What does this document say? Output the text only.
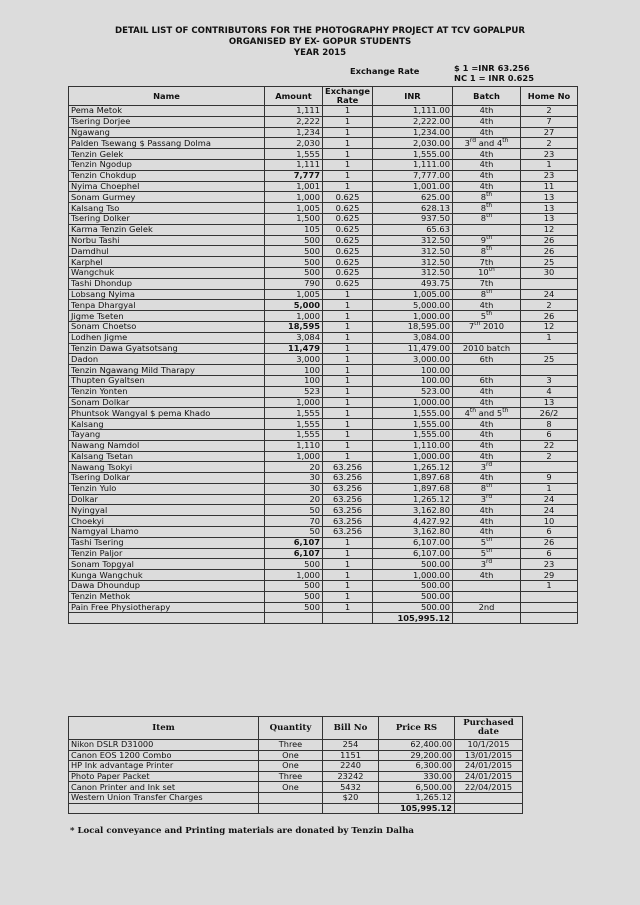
DETAIL LIST OF CONTRIBUTORS FOR THE PHOTOGRAPHY PROJECT AT TCV GOPALPUR
ORGANISED BY EX- GOPUR STUDENTS
YEAR 2015
Exchange Rate	$ 1 =INR 63.256
NC 1 = INR 0.625
Name	Amount	Exchange Rate	INR	Batch	Home No
Pema Metok	1,111	1	1,111.00	4th	2
Tsering Dorjee	2,222	1	2,222.00	4th	7
Ngawang	1,234	1	1,234.00	4th	27
Palden Tsewang $ Passang Dolma	2,030	1	2,030.00	3rd and 4th	2
Tenzin Gelek	1,555	1	1,555.00	4th	23
Tenzin Ngodup	1,111	1	1,111.00	4th	1
Tenzin Chokdup	7,777	1	7,777.00	4th	23
Nyima Choephel	1,001	1	1,001.00	4th	11
Sonam Gurmey	1,000	0.625	625.00	8th	13
Kalsang Tso	1,005	0.625	628.13	8th	13
Tsering Dolker	1,500	0.625	937.50	8th	13
Karma Tenzin Gelek	105	0.625	65.63		12
Norbu Tashi	500	0.625	312.50	9th	26
Damdhul	500	0.625	312.50	8th	26
Karphel	500	0.625	312.50	7th	25
Wangchuk	500	0.625	312.50	10th	30
Tashi Dhondup	790	0.625	493.75	7th	
Lobsang Nyima	1,005	1	1,005.00	8th	24
Tenpa Dhargyal	5,000	1	5,000.00	4th	2
Jigme Tseten	1,000	1	1,000.00	5th	26
Sonam Choetso	18,595	1	18,595.00	7th 2010	12
Lodhen Jigme	3,084	1	3,084.00		1
Tenzin Dawa Gyatsotsang	11,479	1	11,479.00	2010 batch	
Dadon	3,000	1	3,000.00	6th	25
Tenzin Ngawang Mild Tharapy	100	1	100.00		
Thupten Gyaltsen	100	1	100.00	6th	3
Tenzin Yonten	523	1	523.00	4th	4
Sonam Dolkar	1,000	1	1,000.00	4th	13
Phuntsok Wangyal $ pema Khado	1,555	1	1,555.00	4th and 5th	26/2
Kalsang	1,555	1	1,555.00	4th	8
Tayang	1,555	1	1,555.00	4th	6
Nawang Namdol	1,110	1	1,110.00	4th	22
Kalsang Tsetan	1,000	1	1,000.00	4th	2
Nawang Tsokyi	20	63.256	1,265.12	3rd	
Tsering Dolkar	30	63.256	1,897.68	4th	9
Tenzin Yulo	30	63.256	1,897.68	8th	1
Dolkar	20	63.256	1,265.12	3rd	24
Nyingyal	50	63.256	3,162.80	4th	24
Choekyi	70	63.256	4,427.92	4th	10
Namgyal Lhamo	50	63.256	3,162.80	4th	6
Tashi Tsering	6,107	1	6,107.00	5th	26
Tenzin Paljor	6,107	1	6,107.00	5th	6
Sonam Topgyal	500	1	500.00	3rd	23
Kunga Wangchuk	1,000	1	1,000.00	4th	29
Dawa Dhoundup	500	1	500.00		1
Tenzin Methok	500	1	500.00		
Pain Free Physiotherapy	500	1	500.00	2nd	
			105,995.12		
Item	Quantity	Bill No	Price RS	Purchased date
Nikon DSLR D31000	Three	254	62,400.00	10/1/2015
Canon EOS 1200 Combo	One	1151	29,200.00	13/01/2015
HP Ink advantage Printer	One	2240	6,300.00	24/01/2015
Photo Paper Packet	Three	23242	330.00	24/01/2015
Canon Printer and Ink set	One	5432	6,500.00	22/04/2015
Western Union Transfer Charges		$20	1,265.12	
			105,995.12	
* Local conveyance and Printing materials are donated by Tenzin Dalha
